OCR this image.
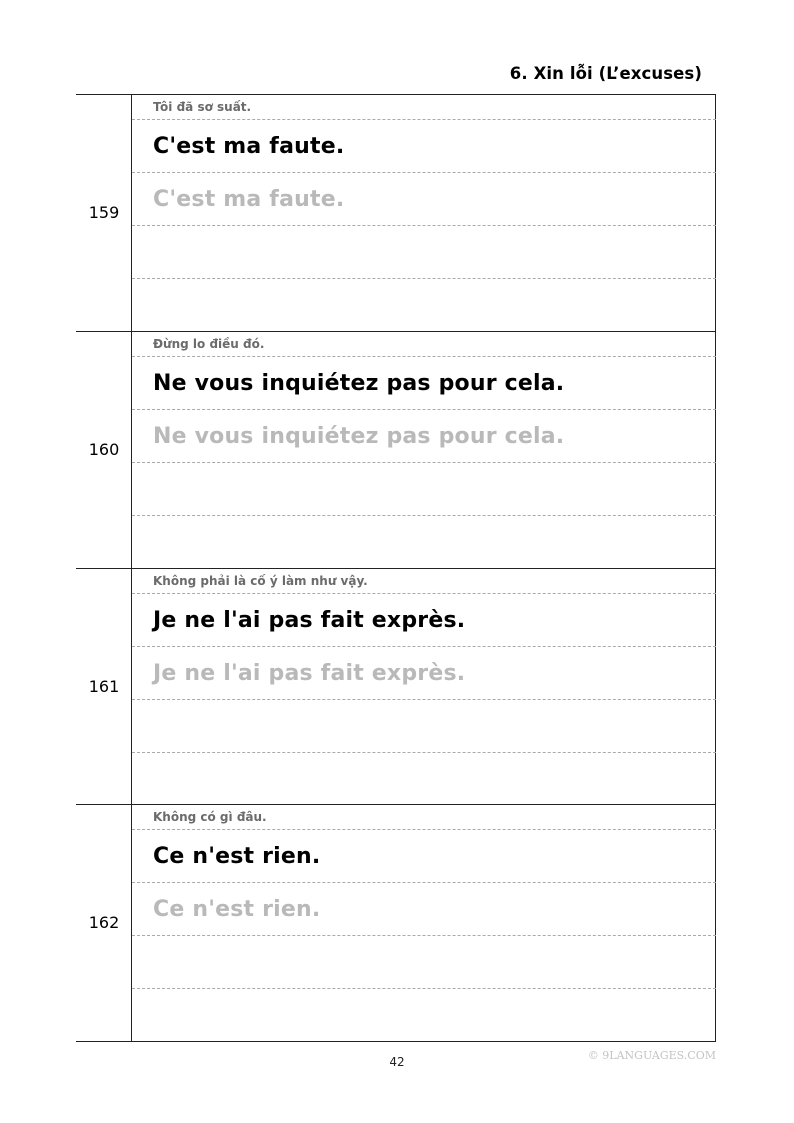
6. Xin lỗi (L’excuses)
159
Tôi đã sơ suất.
C'est ma faute.
C'est ma faute.
160
Đừng lo điều đó.
Ne vous inquiétez pas pour cela.
Ne vous inquiétez pas pour cela.
161
Không phải là cố ý làm như vậy.
Je ne l'ai pas fait exprès.
Je ne l'ai pas fait exprès.
162
Không có gì đâu.
Ce n'est rien.
Ce n'est rien.
42	© 9LANGUAGES.COM
